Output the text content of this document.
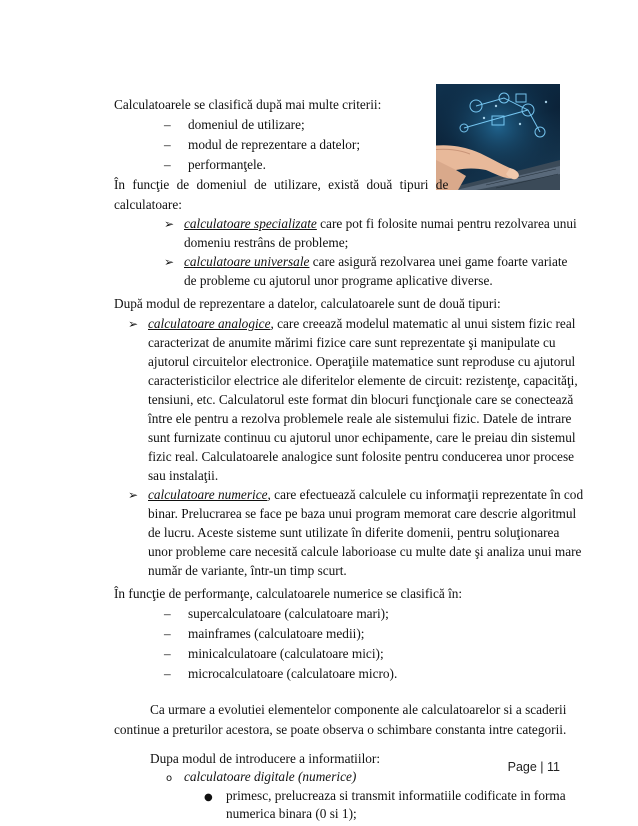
Calculatoarele se clasifică după mai multe criterii:
– domeniul de utilizare;
– modul de reprezentare a datelor;
– performanţele.
În funcţie de domeniul de utilizare, există două tipuri de
calculatoare:
➢ calculatoare specializate care pot fi folosite numai pentru rezolvarea unui
domeniu restrâns de probleme;
➢ calculatoare universale care asigură rezolvarea unei game foarte variate
de probleme cu ajutorul unor programe aplicative diverse.
După modul de reprezentare a datelor, calculatoarele sunt de două tipuri:
➢ calculatoare analogice, care creează modelul matematic al unui sistem fizic real
caracterizat de anumite mărimi fizice care sunt reprezentate şi manipulate cu
ajutorul circuitelor electronice. Operaţiile matematice sunt reproduse cu ajutorul
caracteristicilor electrice ale diferitelor elemente de circuit: rezistenţe, capacităţi,
tensiuni, etc. Calculatorul este format din blocuri funcţionale care se conectează
între ele pentru a rezolva problemele reale ale sistemului fizic. Datele de intrare
sunt furnizate continuu cu ajutorul unor echipamente, care le preiau din sistemul
fizic real. Calculatoarele analogice sunt folosite pentru conducerea unor procese
sau instalaţii.
➢ calculatoare numerice, care efectuează calculele cu informaţii reprezentate în cod
binar. Prelucrarea se face pe baza unui program memorat care descrie algoritmul
de lucru. Aceste sisteme sunt utilizate în diferite domenii, pentru soluţionarea
unor probleme care necesită calcule laborioase cu multe date şi analiza unui mare
număr de variante, într-un timp scurt.
În funcţie de performanţe, calculatoarele numerice se clasifică în:
– supercalculatoare (calculatoare mari);
– mainframes (calculatoare medii);
– minicalculatoare (calculatoare mici);
– microcalculatoare (calculatoare micro).
Ca urmare a evolutiei elementelor componente ale calculatoarelor si a scaderii
continue a preturilor acestora, se poate observa o schimbare constanta intre categorii.
Dupa modul de introducere a informatiilor:
o calculatoare digitale (numerice)
● primesc, prelucreaza si transmit informatiile codificate in forma
numerica binara (0 si 1);
Page | 11
